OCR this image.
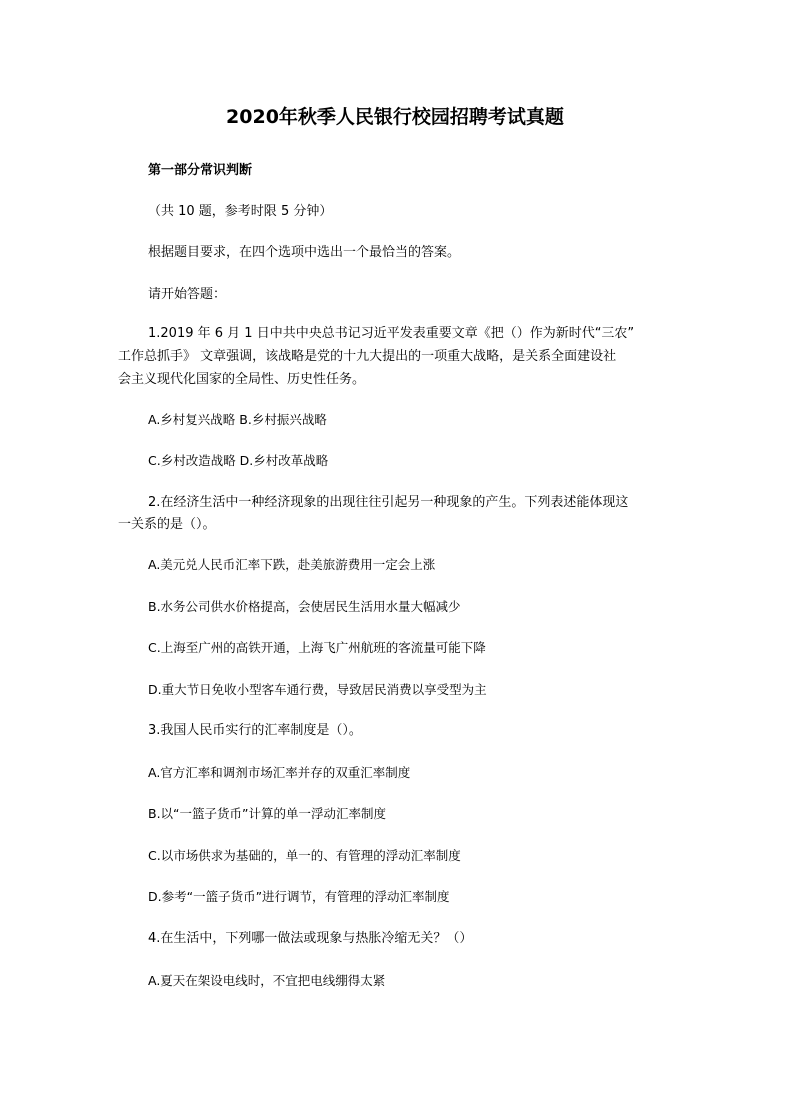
2020年秋季人民银行校园招聘考试真题
第一部分常识判断
（共 10 题，参考时限 5 分钟）
根据题目要求，在四个选项中选出一个最恰当的答案。
请开始答题：
1.2019 年 6 月 1 日中共中央总书记习近平发表重要文章《把（）作为新时代“三农”
工作总抓手》 文章强调，该战略是党的十九大提出的一项重大战略，是关系全面建设社
会主义现代化国家的全局性、历史性任务。
A.乡村复兴战略 B.乡村振兴战略
C.乡村改造战略 D.乡村改革战略
2.在经济生活中一种经济现象的出现往往引起另一种现象的产生。下列表述能体现这
一关系的是（）。
A.美元兑人民币汇率下跌，赴美旅游费用一定会上涨
B.水务公司供水价格提高，会使居民生活用水量大幅减少
C.上海至广州的高铁开通，上海飞广州航班的客流量可能下降
D.重大节日免收小型客车通行费，导致居民消费以享受型为主
3.我国人民币实行的汇率制度是（）。
A.官方汇率和调剂市场汇率并存的双重汇率制度
B.以“一篮子货币”计算的单一浮动汇率制度
C.以市场供求为基础的，单一的、有管理的浮动汇率制度
D.参考“一篮子货币”进行调节，有管理的浮动汇率制度
4.在生活中，下列哪一做法或现象与热胀冷缩无关？（）
A.夏天在架设电线时，不宜把电线绷得太紧
